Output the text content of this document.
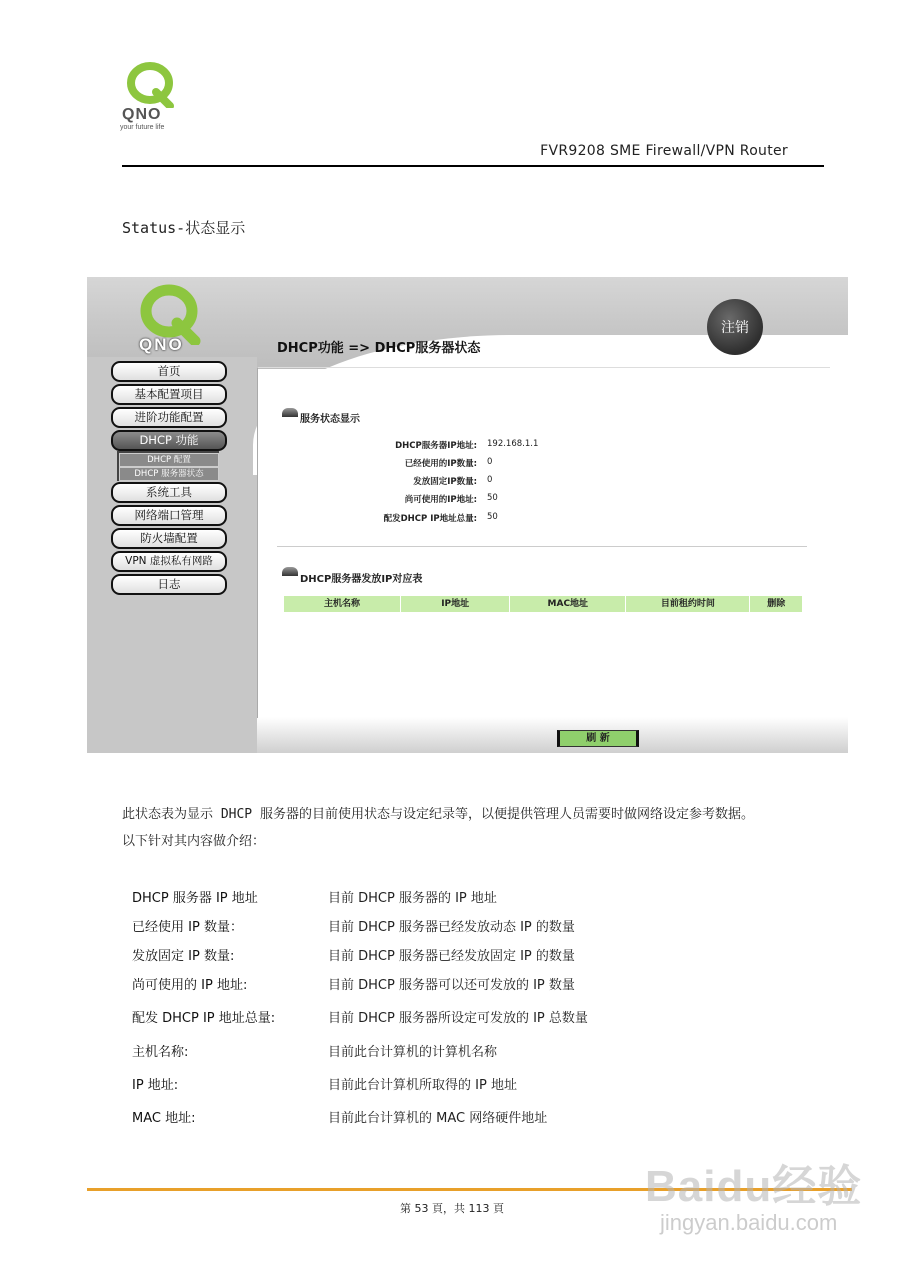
QNO
your future life
FVR9208 SME Firewall/VPN Router
Status-状态显示
QNO
注销
DHCP功能 => DHCP服务器状态
首页
基本配置项目
进阶功能配置
DHCP 功能
DHCP 配置
DHCP 服务器状态
系统工具
网络端口管理
防火墙配置
VPN 虚拟私有网路
日志
服务状态显示
DHCP服务器IP地址: 192.168.1.1
已经使用的IP数量: 0
发放固定IP数量: 0
尚可使用的IP地址: 50
配发DHCP IP地址总量: 50
DHCP服务器发放IP对应表
主机名称	IP地址	MAC地址	目前租约时间	删除
刷 新
此状态表为显示 DHCP 服务器的目前使用状态与设定纪录等，以便提供管理人员需要时做网络设定参考数据。
以下针对其内容做介绍：
DHCP 服务器 IP 地址	目前 DHCP 服务器的 IP 地址
已经使用 IP 数量：	目前 DHCP 服务器已经发放动态 IP 的数量
发放固定 IP 数量:	目前 DHCP 服务器已经发放固定 IP 的数量
尚可使用的 IP 地址:	目前 DHCP 服务器可以还可发放的 IP 数量
配发 DHCP IP 地址总量:	目前 DHCP 服务器所设定可发放的 IP 总数量
主机名称:	目前此台计算机的计算机名称
IP 地址:	目前此台计算机所取得的 IP 地址
MAC 地址:	目前此台计算机的 MAC 网络硬件地址
第 53 頁，共 113 頁	Baidu经验
jingyan.baidu.com
